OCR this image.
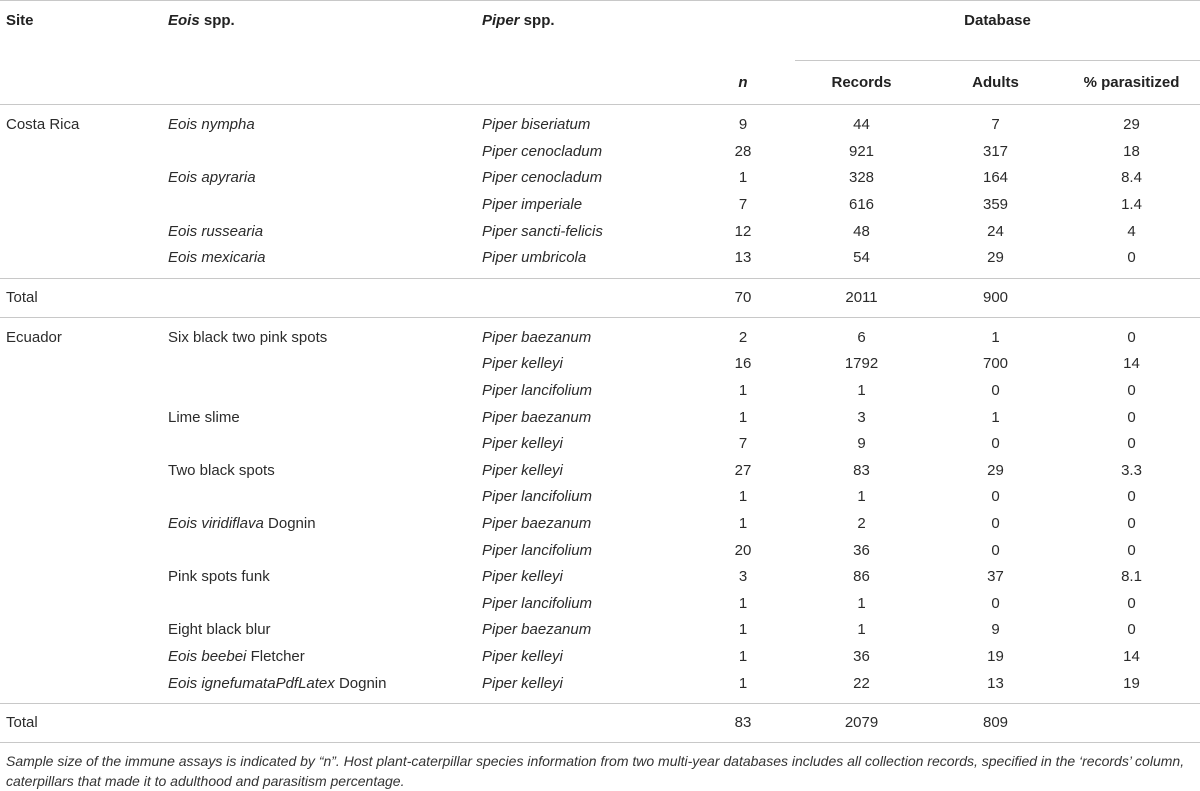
Site	Eois spp.	Piper spp.		Database		
			n	Records	Adults	% parasitized
Costa Rica	Eois nympha	Piper biseriatum	9	44	7	29
		Piper cenocladum	28	921	317	18
	Eois apyraria	Piper cenocladum	1	328	164	8.4
		Piper imperiale	7	616	359	1.4
	Eois russearia	Piper sancti-felicis	12	48	24	4
	Eois mexicaria	Piper umbricola	13	54	29	0
Total			70	2011	900	
Ecuador	Six black two pink spots	Piper baezanum	2	6	1	0
		Piper kelleyi	16	1792	700	14
		Piper lancifolium	1	1	0	0
	Lime slime	Piper baezanum	1	3	1	0
		Piper kelleyi	7	9	0	0
	Two black spots	Piper kelleyi	27	83	29	3.3
		Piper lancifolium	1	1	0	0
	Eois viridiflava Dognin	Piper baezanum	1	2	0	0
		Piper lancifolium	20	36	0	0
	Pink spots funk	Piper kelleyi	3	86	37	8.1
		Piper lancifolium	1	1	0	0
	Eight black blur	Piper baezanum	1	1	9	0
	Eois beebei Fletcher	Piper kelleyi	1	36	19	14
	Eois ignefumataPdfLatex Dognin	Piper kelleyi	1	22	13	19
Total			83	2079	809	
Sample size of the immune assays is indicated by “n”. Host plant-caterpillar species information from two multi-year databases includes all collection records, specified in the ‘records’ column, caterpillars that made it to adulthood and parasitism percentage.
